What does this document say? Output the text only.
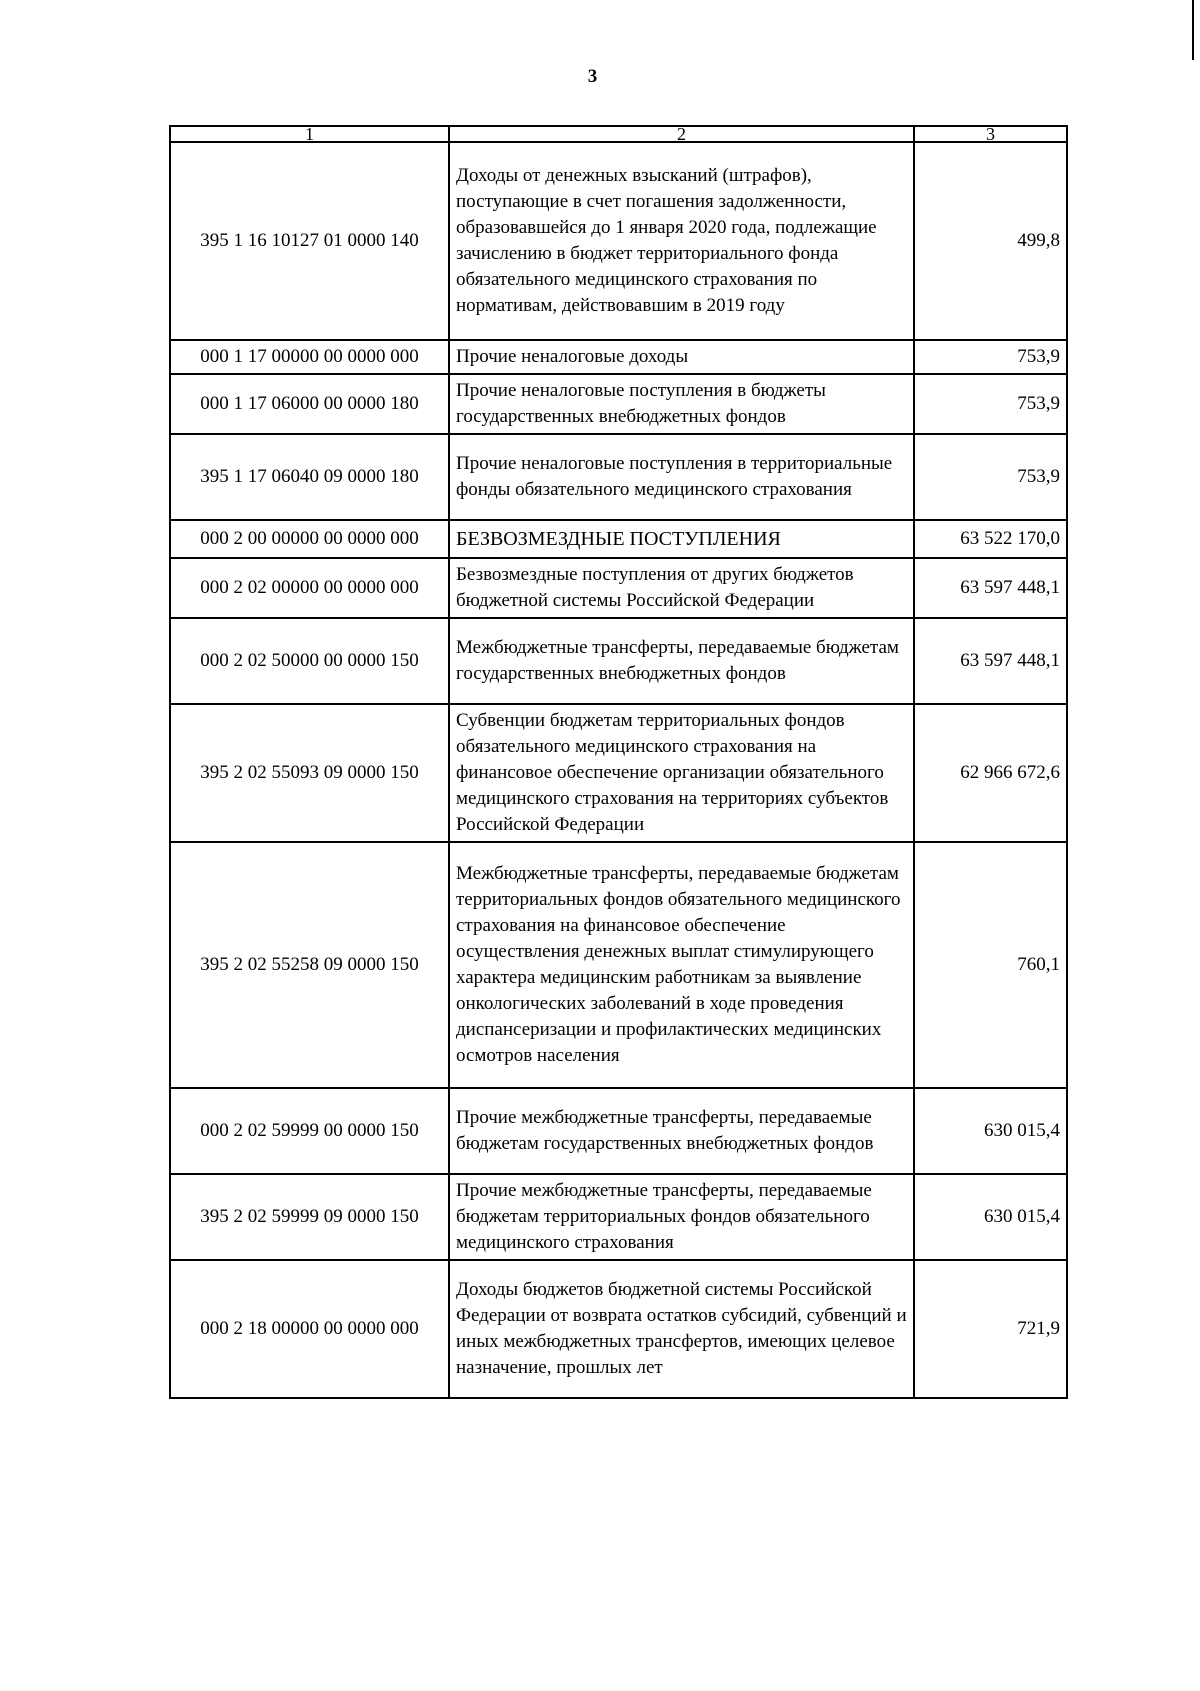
3
1	2	3
395 1 16 10127 01 0000 140	Доходы от денежных взысканий (штрафов), поступающие в счет погашения задолженности, образовавшейся до 1 января 2020 года, подлежащие зачислению в бюджет территориального фонда обязательного медицинского страхования по нормативам, действовавшим в 2019 году	499,8
000 1 17 00000 00 0000 000	Прочие неналоговые доходы	753,9
000 1 17 06000 00 0000 180	Прочие неналоговые поступления в бюджеты государственных внебюджетных фондов	753,9
395 1 17 06040 09 0000 180	Прочие неналоговые поступления в территориальные фонды обязательного медицинского страхования	753,9
000 2 00 00000 00 0000 000	БЕЗВОЗМЕЗДНЫЕ ПОСТУПЛЕНИЯ	63 522 170,0
000 2 02 00000 00 0000 000	Безвозмездные поступления от других бюджетов бюджетной системы Российской Федерации	63 597 448,1
000 2 02 50000 00 0000 150	Межбюджетные трансферты, передаваемые бюджетам государственных внебюджетных фондов	63 597 448,1
395 2 02 55093 09 0000 150	Субвенции бюджетам территориальных фондов обязательного медицинского страхования на финансовое обеспечение организации обязательного медицинского страхования на территориях субъектов Российской Федерации	62 966 672,6
395 2 02 55258 09 0000 150	Межбюджетные трансферты, передаваемые бюджетам территориальных фондов обязательного медицинского страхования на финансовое обеспечение осуществления денежных выплат стимулирующего характера медицинским работникам за выявление онкологических заболеваний в ходе проведения диспансеризации и профилактических медицинских осмотров населения	760,1
000 2 02 59999 00 0000 150	Прочие межбюджетные трансферты, передаваемые бюджетам государственных внебюджетных фондов	630 015,4
395 2 02 59999 09 0000 150	Прочие межбюджетные трансферты, передаваемые бюджетам территориальных фондов обязательного медицинского страхования	630 015,4
000 2 18 00000 00 0000 000	Доходы бюджетов бюджетной системы Российской Федерации от возврата остатков субсидий, субвенций и иных межбюджетных трансфертов, имеющих целевое назначение, прошлых лет	721,9
